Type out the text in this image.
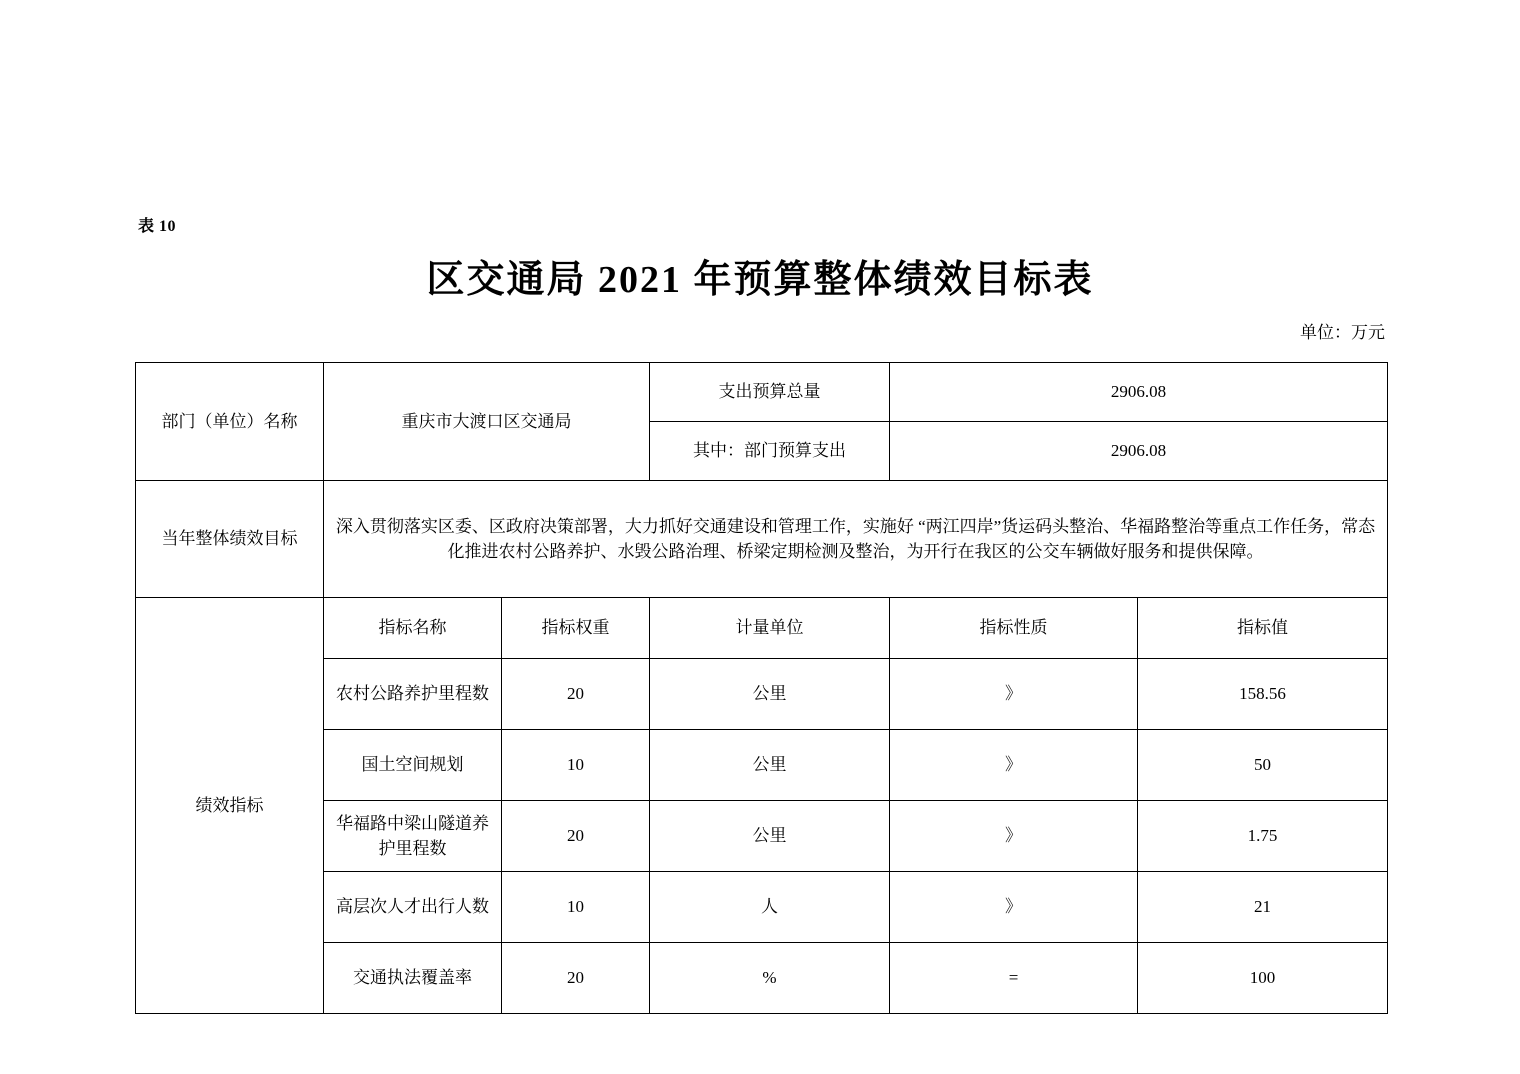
表 10
区交通局 2021 年预算整体绩效目标表
单位：万元
部门（单位）名称	重庆市大渡口区交通局		支出预算总量	2906.08	
			其中：部门预算支出	2906.08	
当年整体绩效目标	深入贯彻落实区委、区政府决策部署，大力抓好交通建设和管理工作，实施好 “两江四岸”货运码头整治、华福路整治等重点工作任务，常态化推进农村公路养护、水毁公路治理、桥梁定期检测及整治，为开行在我区的公交车辆做好服务和提供保障。				
绩效指标	指标名称	指标权重	计量单位	指标性质	指标值
	农村公路养护里程数	20	公里	》	158.56
	国土空间规划	10	公里	》	50
	华福路中梁山隧道养护里程数	20	公里	》	1.75
	高层次人才出行人数	10	人	》	21
	交通执法覆盖率	20	%	=	100
